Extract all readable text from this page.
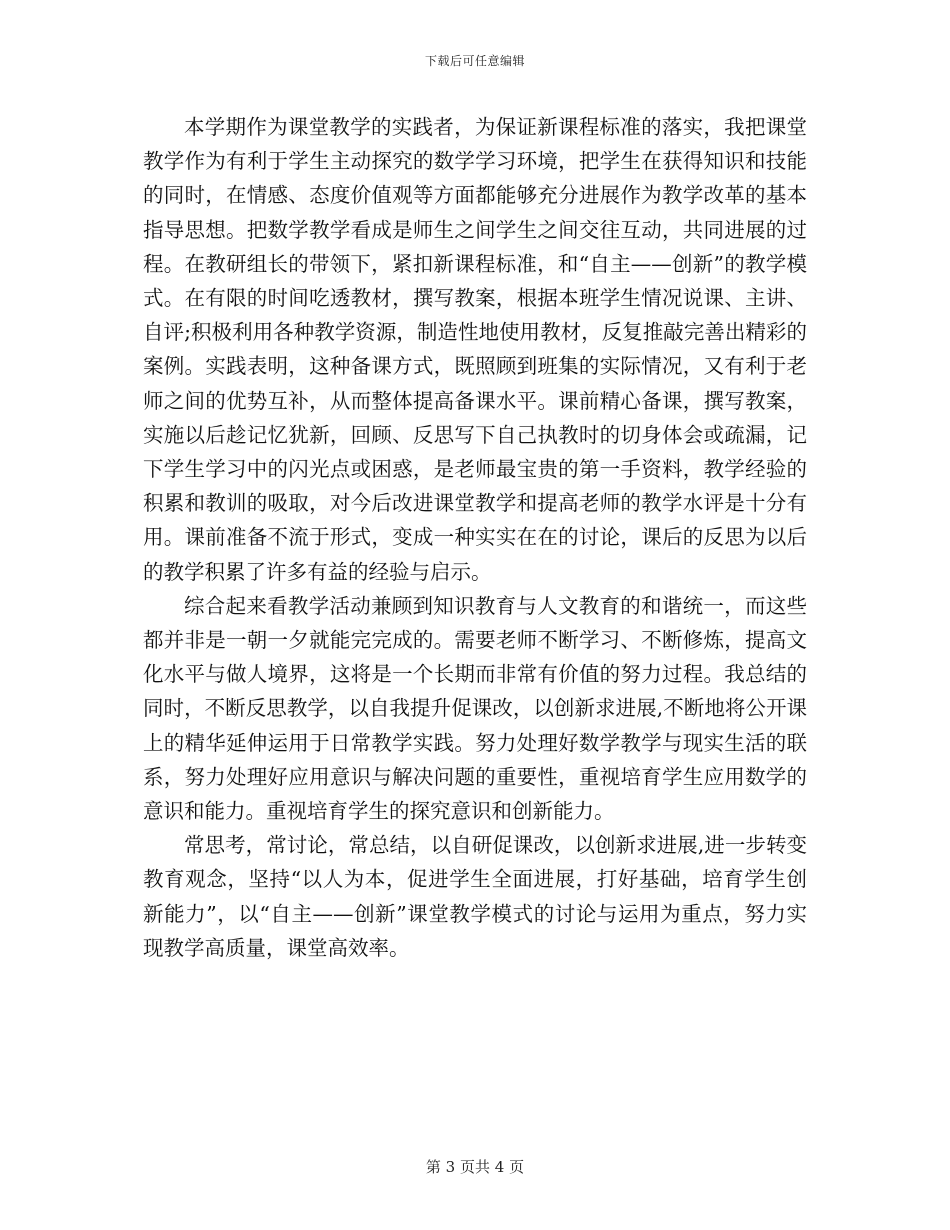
下载后可任意编辑

本学期作为课堂教学的实践者，为保证新课程标准的落实，我把课堂教学作为有利于学生主动探究的数学学习环境，把学生在获得知识和技能的同时，在情感、态度价值观等方面都能够充分进展作为教学改革的基本指导思想。把数学教学看成是师生之间学生之间交往互动，共同进展的过程。在教研组长的带领下，紧扣新课程标准，和“自主——创新”的教学模式。在有限的时间吃透教材，撰写教案，根据本班学生情况说课、主讲、自评;积极利用各种教学资源，制造性地使用教材，反复推敲完善出精彩的案例。实践表明，这种备课方式，既照顾到班集的实际情况，又有利于老师之间的优势互补，从而整体提高备课水平。课前精心备课，撰写教案，实施以后趁记忆犹新，回顾、反思写下自己执教时的切身体会或疏漏，记下学生学习中的闪光点或困惑，是老师最宝贵的第一手资料，教学经验的积累和教训的吸取，对今后改进课堂教学和提高老师的教学水评是十分有用。课前准备不流于形式，变成一种实实在在的讨论，课后的反思为以后的教学积累了许多有益的经验与启示。

综合起来看教学活动兼顾到知识教育与人文教育的和谐统一，而这些都并非是一朝一夕就能完完成的。需要老师不断学习、不断修炼，提高文化水平与做人境界，这将是一个长期而非常有价值的努力过程。我总结的同时，不断反思教学，以自我提升促课改，以创新求进展,不断地将公开课上的精华延伸运用于日常教学实践。努力处理好数学教学与现实生活的联系，努力处理好应用意识与解决问题的重要性，重视培育学生应用数学的意识和能力。重视培育学生的探究意识和创新能力。

常思考，常讨论，常总结，以自研促课改，以创新求进展,进一步转变教育观念，坚持“以人为本，促进学生全面进展，打好基础，培育学生创新能力”，以“自主——创新”课堂教学模式的讨论与运用为重点，努力实现教学高质量，课堂高效率。

第 3 页共 4 页
